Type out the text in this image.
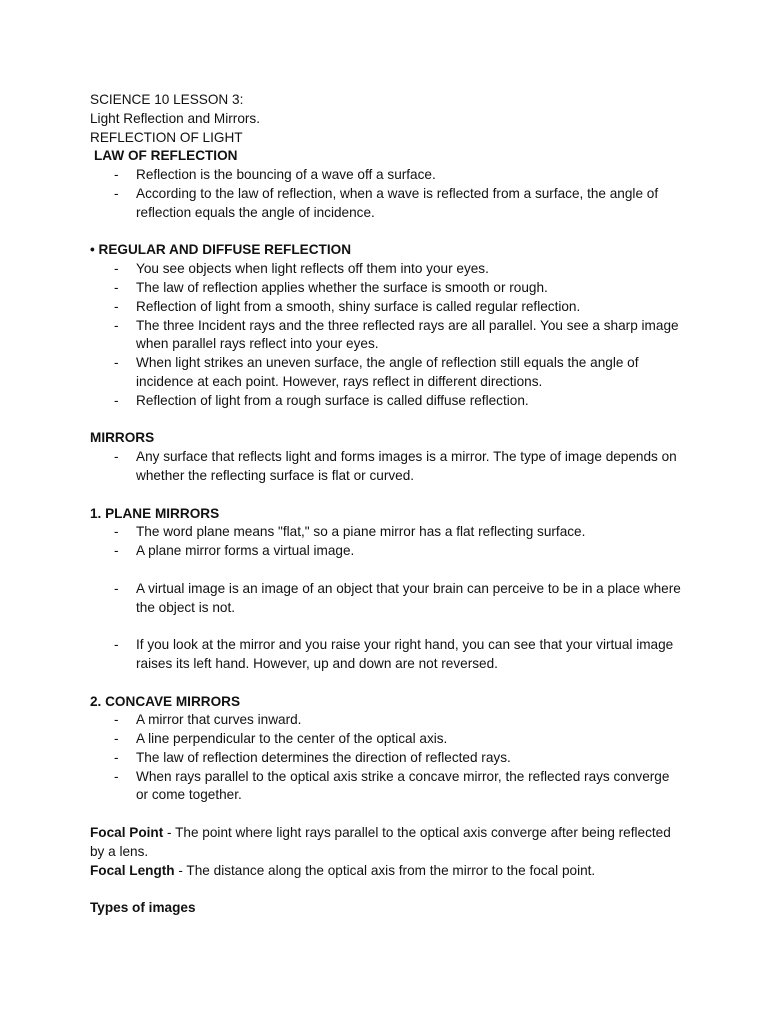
SCIENCE 10 LESSON 3:
Light Reflection and Mirrors.
REFLECTION OF LIGHT
LAW OF REFLECTION
- Reflection is the bouncing of a wave off a surface.
- According to the law of reflection, when a wave is reflected from a surface, the angle of reflection equals the angle of incidence.
• REGULAR AND DIFFUSE REFLECTION
- You see objects when light reflects off them into your eyes.
- The law of reflection applies whether the surface is smooth or rough.
- Reflection of light from a smooth, shiny surface is called regular reflection.
- The three Incident rays and the three reflected rays are all parallel. You see a sharp image when parallel rays reflect into your eyes.
- When light strikes an uneven surface, the angle of reflection still equals the angle of incidence at each point. However, rays reflect in different directions.
- Reflection of light from a rough surface is called diffuse reflection.
MIRRORS
- Any surface that reflects light and forms images is a mirror. The type of image depends on whether the reflecting surface is flat or curved.
1. PLANE MIRRORS
- The word plane means "flat," so a piane mirror has a flat reflecting surface.
- A plane mirror forms a virtual image.
- A virtual image is an image of an object that your brain can perceive to be in a place where the object is not.
- If you look at the mirror and you raise your right hand, you can see that your virtual image raises its left hand. However, up and down are not reversed.
2. CONCAVE MIRRORS
- A mirror that curves inward.
- A line perpendicular to the center of the optical axis.
- The law of reflection determines the direction of reflected rays.
- When rays parallel to the optical axis strike a concave mirror, the reflected rays converge or come together.

Focal Point - The point where light rays parallel to the optical axis converge after being reflected by a lens.

Focal Length - The distance along the optical axis from the mirror to the focal point.

Types of images
